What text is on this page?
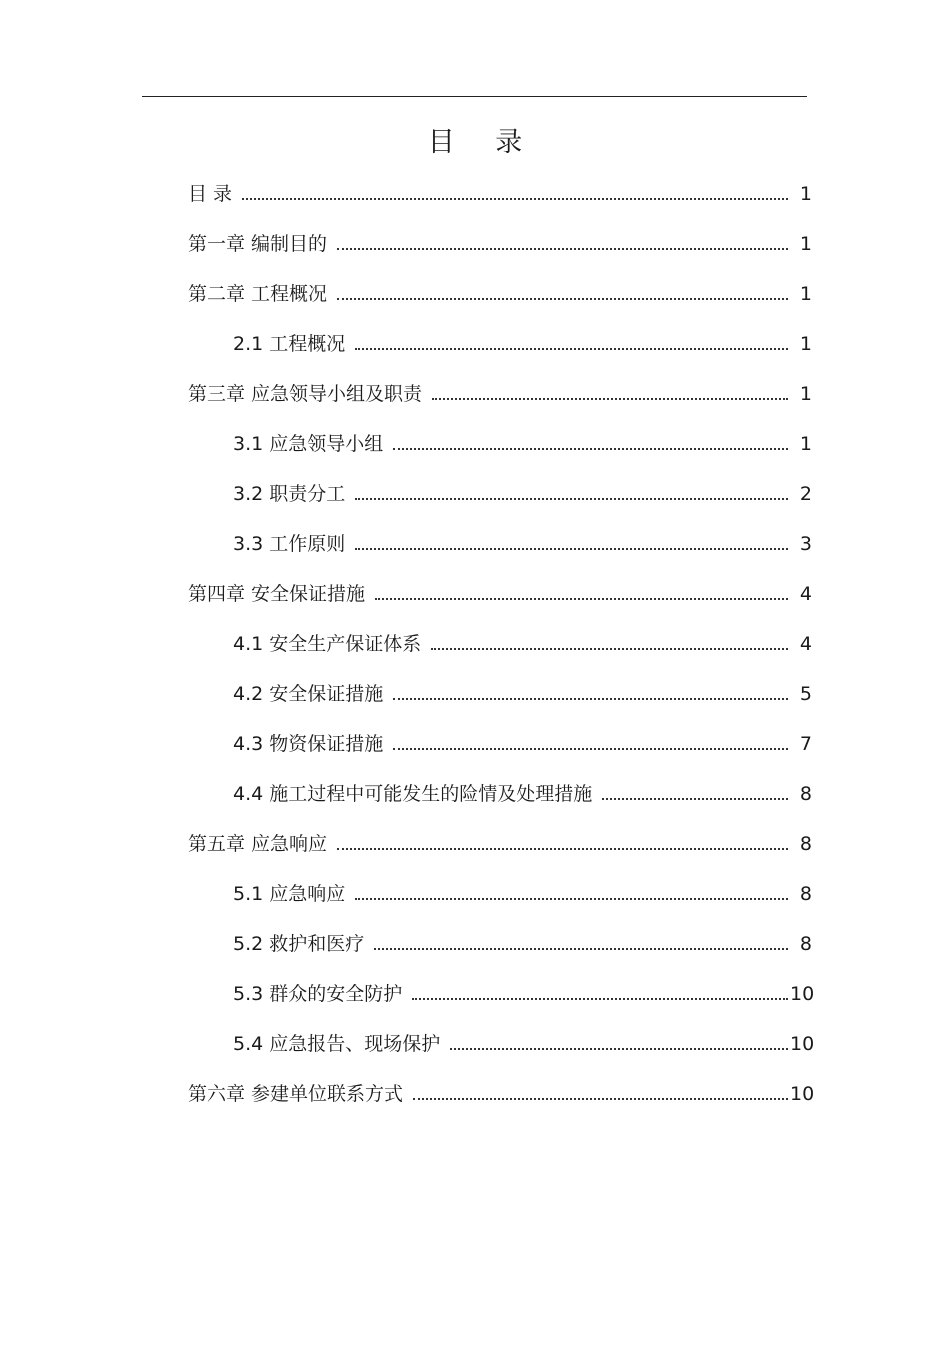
目 录
目 录	1
第一章 编制目的	1
第二章 工程概况	1
2.1 工程概况	1
第三章 应急领导小组及职责	1
3.1 应急领导小组	1
3.2 职责分工	2
3.3 工作原则	3
第四章 安全保证措施	4
4.1 安全生产保证体系	4
4.2 安全保证措施	5
4.3 物资保证措施	7
4.4 施工过程中可能发生的险情及处理措施	8
第五章 应急响应	8
5.1 应急响应	8
5.2 救护和医疗	8
5.3 群众的安全防护	10
5.4 应急报告、现场保护	10
第六章 参建单位联系方式	10
